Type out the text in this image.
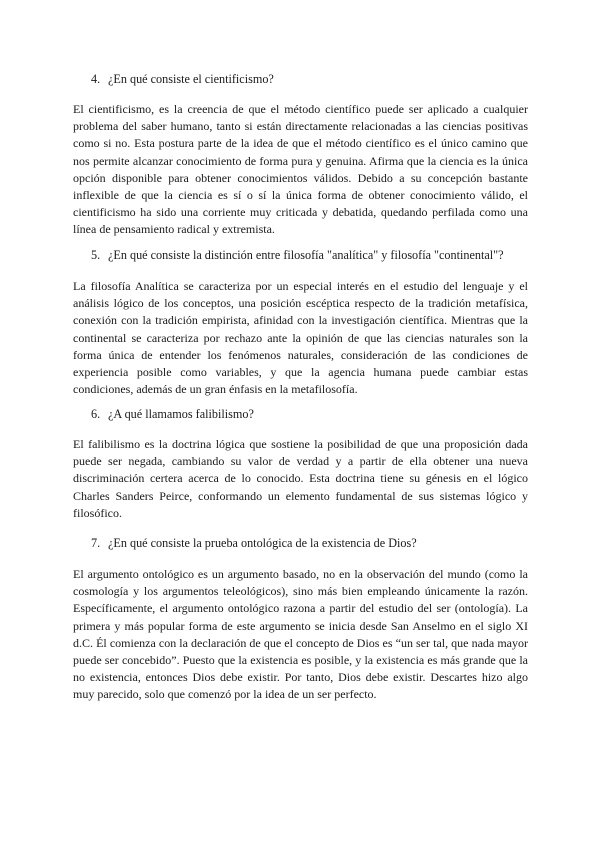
4. ¿En qué consiste el cientificismo?
El cientificismo, es la creencia de que el método científico puede ser aplicado a cualquier problema del saber humano, tanto si están directamente relacionadas a las ciencias positivas como si no. Esta postura parte de la idea de que el método científico es el único camino que nos permite alcanzar conocimiento de forma pura y genuina. Afirma que la ciencia es la única opción disponible para obtener conocimientos válidos. Debido a su concepción bastante inflexible de que la ciencia es sí o sí la única forma de obtener conocimiento válido, el cientificismo ha sido una corriente muy criticada y debatida, quedando perfilada como una línea de pensamiento radical y extremista.
5. ¿En qué consiste la distinción entre filosofía "analítica" y filosofía "continental"?
La filosofía Analítica se caracteriza por un especial interés en el estudio del lenguaje y el análisis lógico de los conceptos, una posición escéptica respecto de la tradición metafísica, conexión con la tradición empirista, afinidad con la investigación científica. Mientras que la continental se caracteriza por rechazo ante la opinión de que las ciencias naturales son la forma única de entender los fenómenos naturales, consideración de las condiciones de experiencia posible como variables, y que la agencia humana puede cambiar estas condiciones, además de un gran énfasis en la metafilosofía.
6. ¿A qué llamamos falibilismo?
El falibilismo es la doctrina lógica que sostiene la posibilidad de que una proposición dada puede ser negada, cambiando su valor de verdad y a partir de ella obtener una nueva discriminación certera acerca de lo conocido. Esta doctrina tiene su génesis en el lógico Charles Sanders Peirce, conformando un elemento fundamental de sus sistemas lógico y filosófico.
7. ¿En qué consiste la prueba ontológica de la existencia de Dios?
El argumento ontológico es un argumento basado, no en la observación del mundo (como la cosmología y los argumentos teleológicos), sino más bien empleando únicamente la razón. Específicamente, el argumento ontológico razona a partir del estudio del ser (ontología). La primera y más popular forma de este argumento se inicia desde San Anselmo en el siglo XI d.C. Él comienza con la declaración de que el concepto de Dios es “un ser tal, que nada mayor puede ser concebido”. Puesto que la existencia es posible, y la existencia es más grande que la no existencia, entonces Dios debe existir. Por tanto, Dios debe existir. Descartes hizo algo muy parecido, solo que comenzó por la idea de un ser perfecto.
